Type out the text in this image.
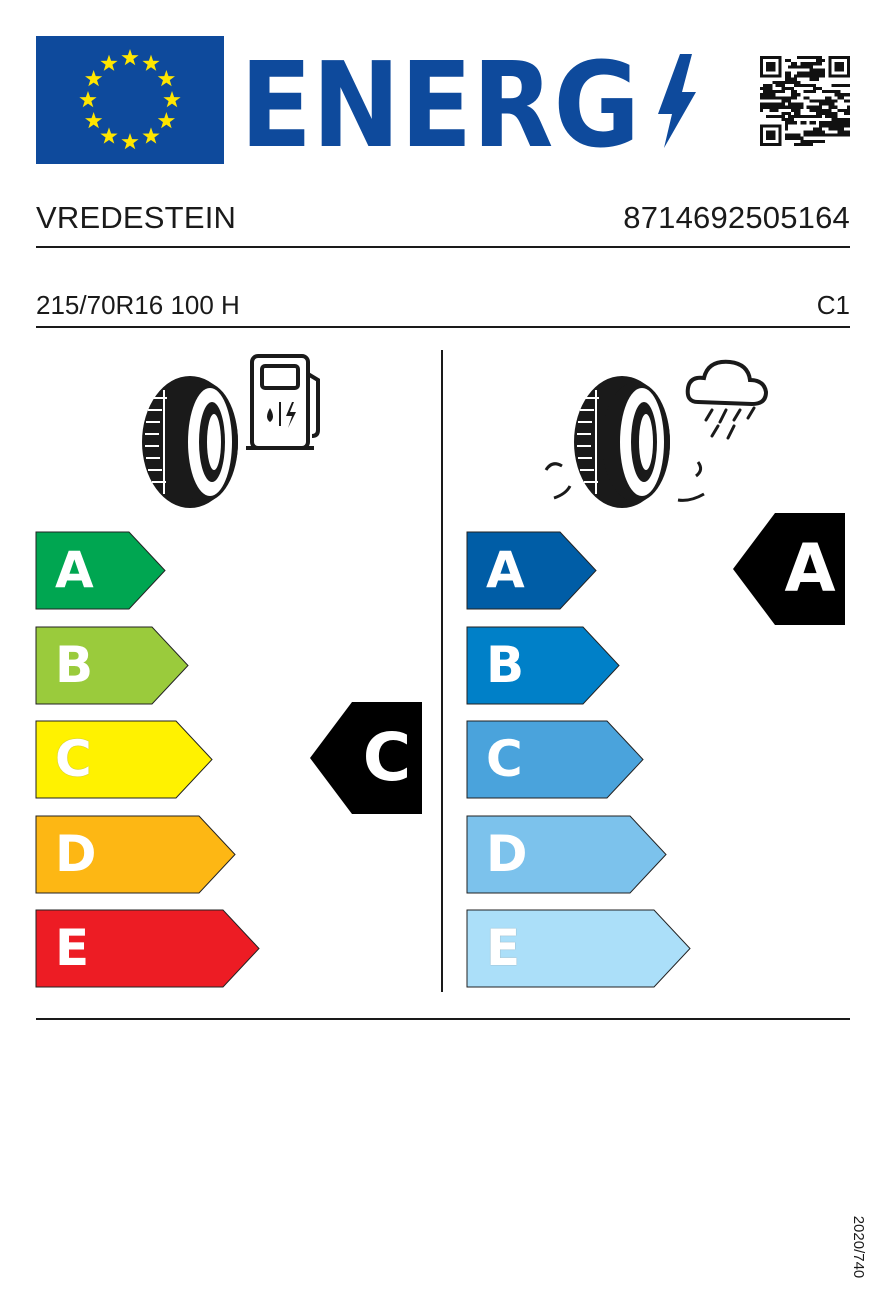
ENERG
VREDESTEIN	8714692505164
215/70R16 100 H	C1
A
B
C
D
E
A
B
C
D
E
C
A
2020/740
